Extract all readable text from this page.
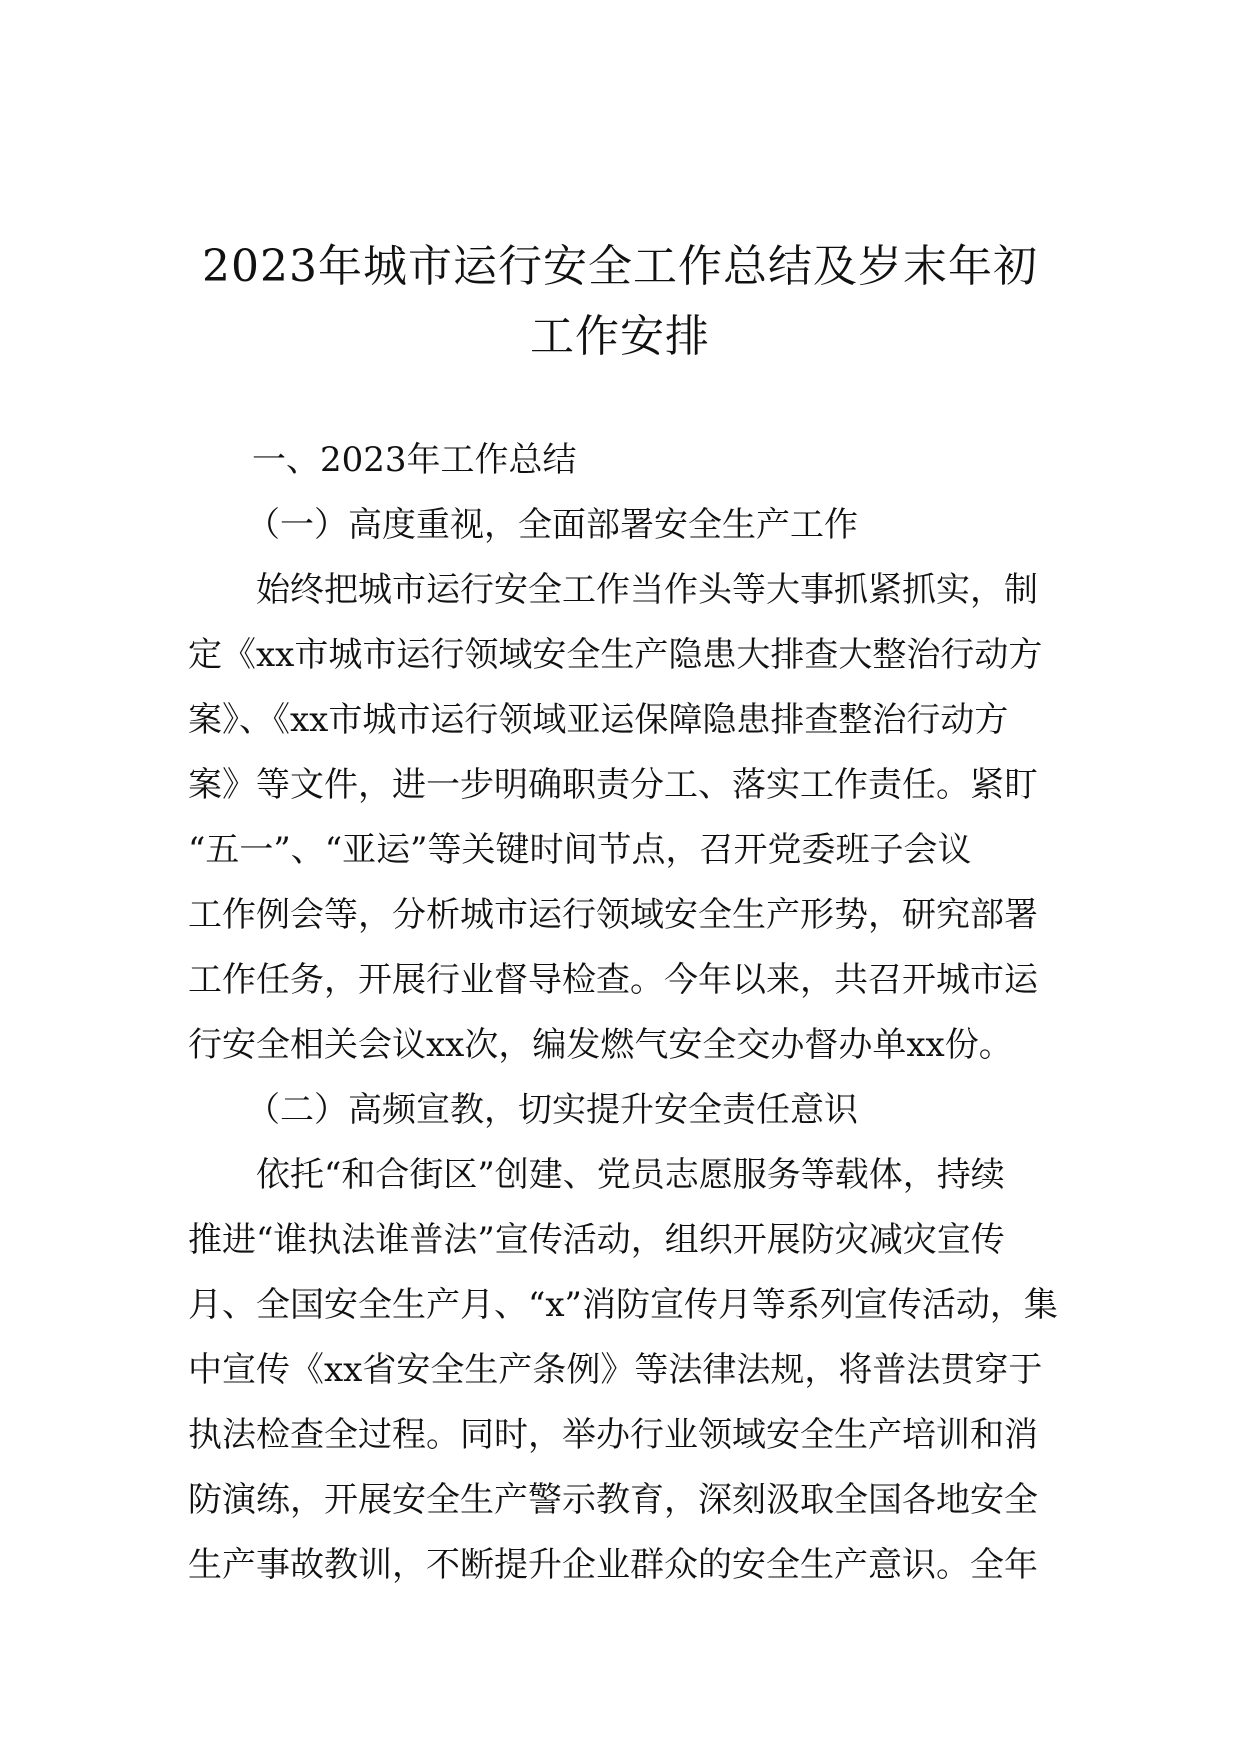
2023年城市运行安全工作总结及岁末年初
工作安排
一、2023年工作总结
（一）高度重视，全面部署安全生产工作
始终把城市运行安全工作当作头等大事抓紧抓实，制
定《xx市城市运行领域安全生产隐患大排查大整治行动方
案》、《xx市城市运行领域亚运保障隐患排查整治行动方
案》等文件，进一步明确职责分工、落实工作责任。紧盯
“五一”、“亚运”等关键时间节点，召开党委班子会议
工作例会等，分析城市运行领域安全生产形势，研究部署
工作任务，开展行业督导检查。今年以来，共召开城市运
行安全相关会议xx次，编发燃气安全交办督办单xx份。
（二）高频宣教，切实提升安全责任意识
依托“和合街区”创建、党员志愿服务等载体，持续
推进“谁执法谁普法”宣传活动，组织开展防灾减灾宣传
月、全国安全生产月、“x”消防宣传月等系列宣传活动，集
中宣传《xx省安全生产条例》等法律法规，将普法贯穿于
执法检查全过程。同时，举办行业领域安全生产培训和消
防演练，开展安全生产警示教育，深刻汲取全国各地安全
生产事故教训，不断提升企业群众的安全生产意识。全年
